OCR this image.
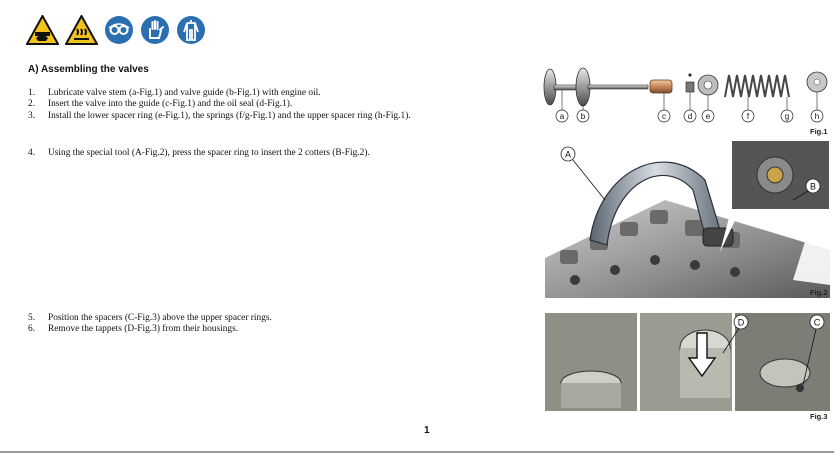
A) Assembling the valves
1.	Lubricate valve stem (a-Fig.1) and valve guide (b-Fig.1) with engine oil.
2.	Insert the valve into the guide (c-Fig.1) and the oil seal (d-Fig.1).
3.	Install the lower spacer ring (e-Fig.1), the springs (f/g-Fig.1) and the upper spacer ring (h-Fig.1).
4.	Using the special tool (A-Fig.2), press the spacer ring to insert the 2 cotters (B-Fig.2).
5.	Position the spacers (C-Fig.3) above the upper spacer rings.
6.	Remove the tappets (D-Fig.3) from their housings.
a b	c	d e	f	g	h
Fig.1
A
B
Fig.2
D	C
Fig.3
1
